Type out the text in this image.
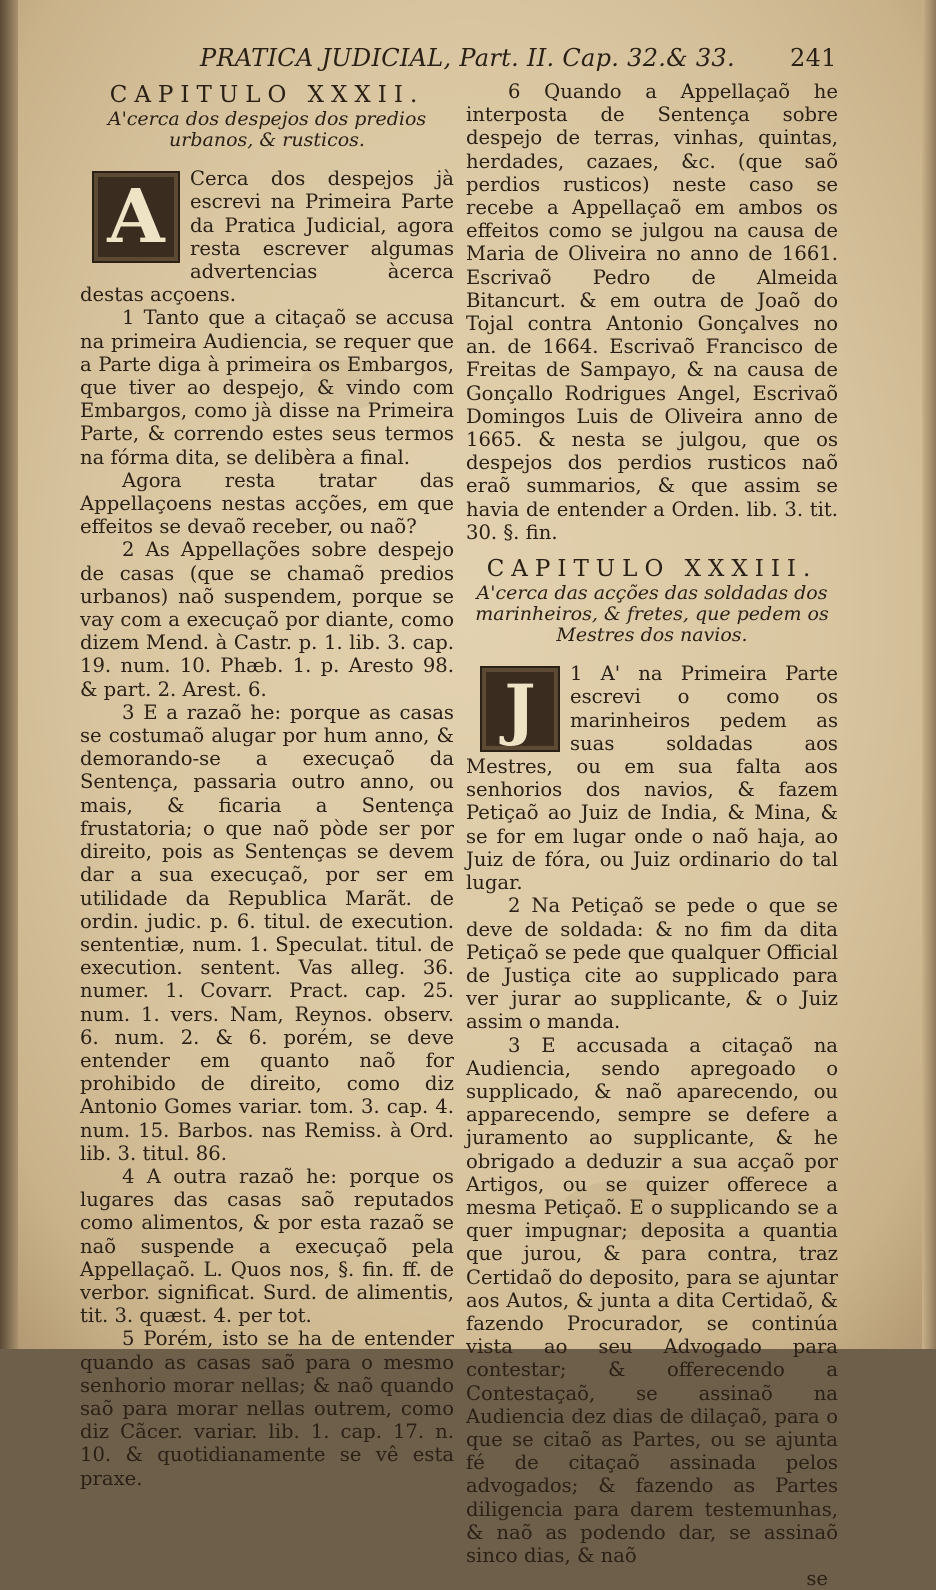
PRATICA JUDICIAL, Part. II. Cap. 32.& 33. 241
CAPITULO XXXII.
A'cerca dos despejos dos predios urbanos, & rusticos.
A	Cerca dos despejos jà escrevi na Primeira Parte da Pratica Judicial, agora resta escrever algumas advertencias àcerca destas acçoens.

1 Tanto que a citaçaõ se accusa na primeira Audiencia, se requer que a Parte diga à primeira os Embargos, que tiver ao despejo, & vindo com Embargos, como jà disse na Primeira Parte, & correndo estes seus termos na fórma dita, se delibèra a final.

Agora resta tratar das Appellaçoens nestas acções, em que effeitos se devaõ receber, ou naõ?

2 As Appellações sobre despejo de casas (que se chamaõ predios urbanos) naõ suspendem, porque se vay com a execuçaõ por diante, como dizem Mend. à Castr. p. 1. lib. 3. cap. 19. num. 10. Phæb. 1. p. Aresto 98. & part. 2. Arest. 6.

3 E a razaõ he: porque as casas se costumaõ alugar por hum anno, & demorando-se a execuçaõ da Sentença, passaria outro anno, ou mais, & ficaria a Sentença frustatoria; o que naõ pòde ser por direito, pois as Sentenças se devem dar a sua execuçaõ, por ser em utilidade da Republica Marãt. de ordin. judic. p. 6. titul. de execution. sententiæ, num. 1. Speculat. titul. de execution. sentent. Vas alleg. 36. numer. 1. Covarr. Pract. cap. 25. num. 1. vers. Nam, Reynos. observ. 6. num. 2. & 6. porém, se deve entender em quanto naõ for prohibido de direito, como diz Antonio Gomes variar. tom. 3. cap. 4. num. 15. Barbos. nas Remiss. à Ord. lib. 3. titul. 86.

4 A outra razaõ he: porque os lugares das casas saõ reputados como alimentos, & por esta razaõ se naõ suspende a execuçaõ pela Appellaçaõ. L. Quos nos, §. fin. ff. de verbor. significat. Surd. de alimentis, tit. 3. quæst. 4. per tot.

5 Porém, isto se ha de entender quando as casas saõ para o mesmo senhorio morar nellas; & naõ quando saõ para morar nellas outrem, como diz Cãcer. variar. lib. 1. cap. 17. n. 10. & quotidianamente se vê esta praxe.

6 Quando a Appellaçaõ he interposta de Sentença sobre despejo de terras, vinhas, quintas, herdades, cazaes, &c. (que saõ perdios rusticos) neste caso se recebe a Appellaçaõ em ambos os effeitos como se julgou na causa de Maria de Oliveira no anno de 1661. Escrivaõ Pedro de Almeida Bitancurt. & em outra de Joaõ do Tojal contra Antonio Gonçalves no an. de 1664. Escrivaõ Francisco de Freitas de Sampayo, & na causa de Gonçallo Rodrigues Angel, Escrivaõ Domingos Luis de Oliveira anno de 1665. & nesta se julgou, que os despejos dos perdios rusticos naõ eraõ summarios, & que assim se havia de entender a Orden. lib. 3. tit. 30. §. fin.

CAPITULO XXXIII.
A'cerca das acções das soldadas dos marinheiros, & fretes, que pedem os Mestres dos navios.
J	1 A' na Primeira Parte escrevi o como os marinheiros pedem as suas soldadas aos Mestres, ou em sua falta aos senhorios dos navios, & fazem Petiçaõ ao Juiz de India, & Mina, & se for em lugar onde o naõ haja, ao Juiz de fóra, ou Juiz ordinario do tal lugar.

2 Na Petiçaõ se pede o que se deve de soldada: & no fim da dita Petiçaõ se pede que qualquer Official de Justiça cite ao supplicado para ver jurar ao supplicante, & o Juiz assim o manda.

3 E accusada a citaçaõ na Audiencia, sendo apregoado o supplicado, & naõ aparecendo, ou apparecendo, sempre se defere a juramento ao supplicante, & he obrigado a deduzir a sua acçaõ por Artigos, ou se quizer offerece a mesma Petiçaõ. E o supplicando se a quer impugnar; deposita a quantia que jurou, & para contra, traz Certidaõ do deposito, para se ajuntar aos Autos, & junta a dita Certidaõ, & fazendo Procurador, se continúa vista ao seu Advogado para contestar; & offerecendo a Contestaçaõ, se assinaõ na Audiencia dez dias de dilaçaõ, para o que se citaõ as Partes, ou se ajunta fé de citaçaõ assinada pelos advogados; & fazendo as Partes diligencia para darem testemunhas, & naõ as podendo dar, se assinaõ sinco dias, & naõ

se
